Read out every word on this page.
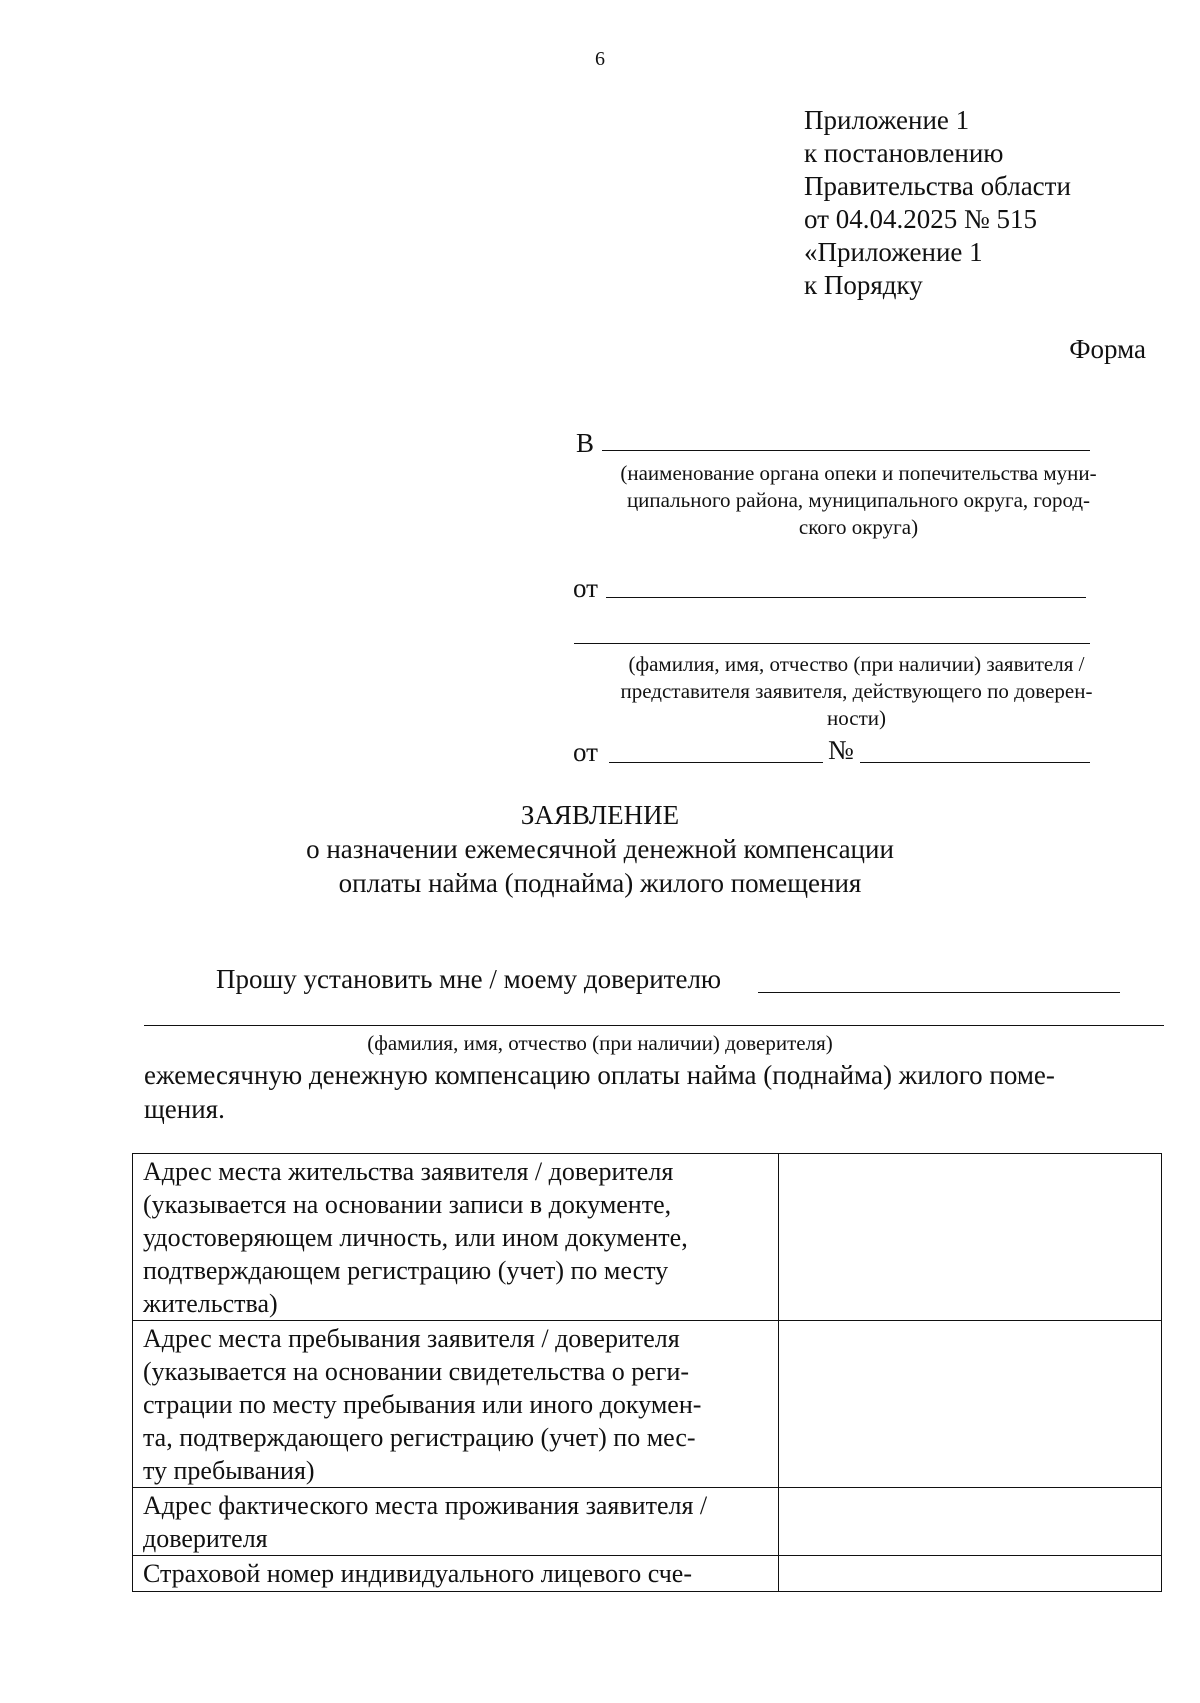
6
Приложение 1
к постановлению
Правительства области
от 04.04.2025 № 515
«Приложение 1
к Порядку
Форма
В
(наименование органа опеки и попечительства муни-
ципального района, муниципального округа, город-
ского округа)
от
(фамилия, имя, отчество (при наличии) заявителя /
представителя заявителя, действующего по доверен-
ности)
от	№
ЗАЯВЛЕНИЕ
о назначении ежемесячной денежной компенсации
оплаты найма (поднайма) жилого помещения
Прошу установить мне / моему доверителю
(фамилия, имя, отчество (при наличии) доверителя)
ежемесячную денежную компенсацию оплаты найма (поднайма) жилого поме-
щения.
Адрес места жительства заявителя / доверителя
(указывается на основании записи в документе,
удостоверяющем личность, или ином документе,
подтверждающем регистрацию (учет) по месту
жительства)	

Адрес места пребывания заявителя / доверителя
(указывается на основании свидетельства о реги-
страции по месту пребывания или иного докумен-
та, подтверждающего регистрацию (учет) по мес-
ту пребывания)	

Адрес фактического места проживания заявителя /
доверителя	

Страховой номер индивидуального лицевого сче-	
